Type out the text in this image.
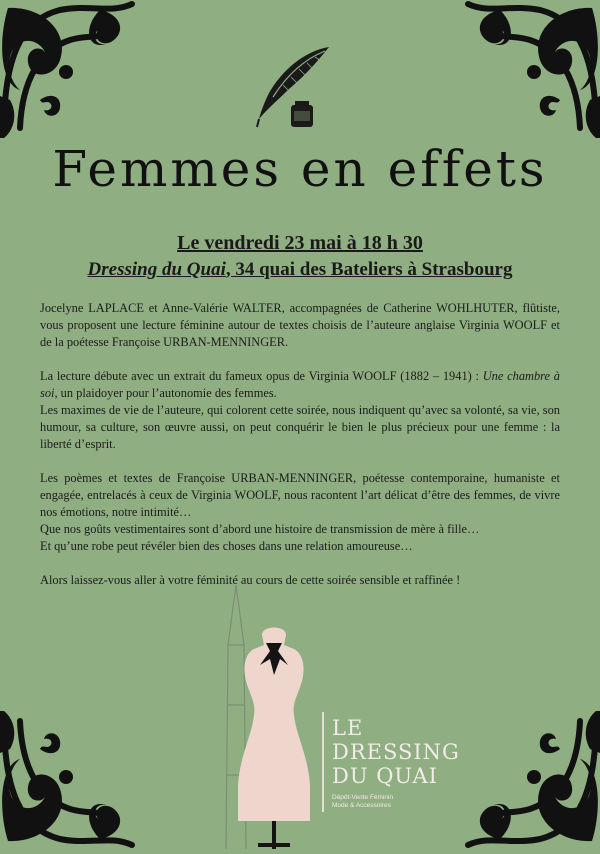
Femmes en effets
Le vendredi 23 mai à 18 h 30
Dressing du Quai, 34 quai des Bateliers à Strasbourg

Jocelyne LAPLACE et Anne-Valérie WALTER, accompagnées de Catherine WOHLHUTER, flûtiste, vous proposent une lecture féminine autour de textes choisis de l’auteure anglaise Virginia WOOLF et de la poétesse Françoise URBAN-MENNINGER.

La lecture débute avec un extrait du fameux opus de Virginia WOOLF (1882 – 1941) : Une chambre à soi, un plaidoyer pour l’autonomie des femmes.

Les maximes de vie de l’auteure, qui colorent cette soirée, nous indiquent qu’avec sa volonté, sa vie, son humour, sa culture, son œuvre aussi, on peut conquérir le bien le plus précieux pour une femme : la liberté d’esprit.

Les poèmes et textes de Françoise URBAN-MENNINGER, poétesse contemporaine, humaniste et engagée, entrelacés à ceux de Virginia WOOLF, nous racontent l’art délicat d’être des femmes, de vivre nos émotions, notre intimité…

Que nos goûts vestimentaires sont d’abord une histoire de transmission de mère à fille…

Et qu’une robe peut révéler bien des choses dans une relation amoureuse…

Alors laissez-vous aller à votre féminité au cours de cette soirée sensible et raffinée !

LE
DRESSING
DU QUAI
Dépôt-Vente Féminin
Mode & Accessoires
